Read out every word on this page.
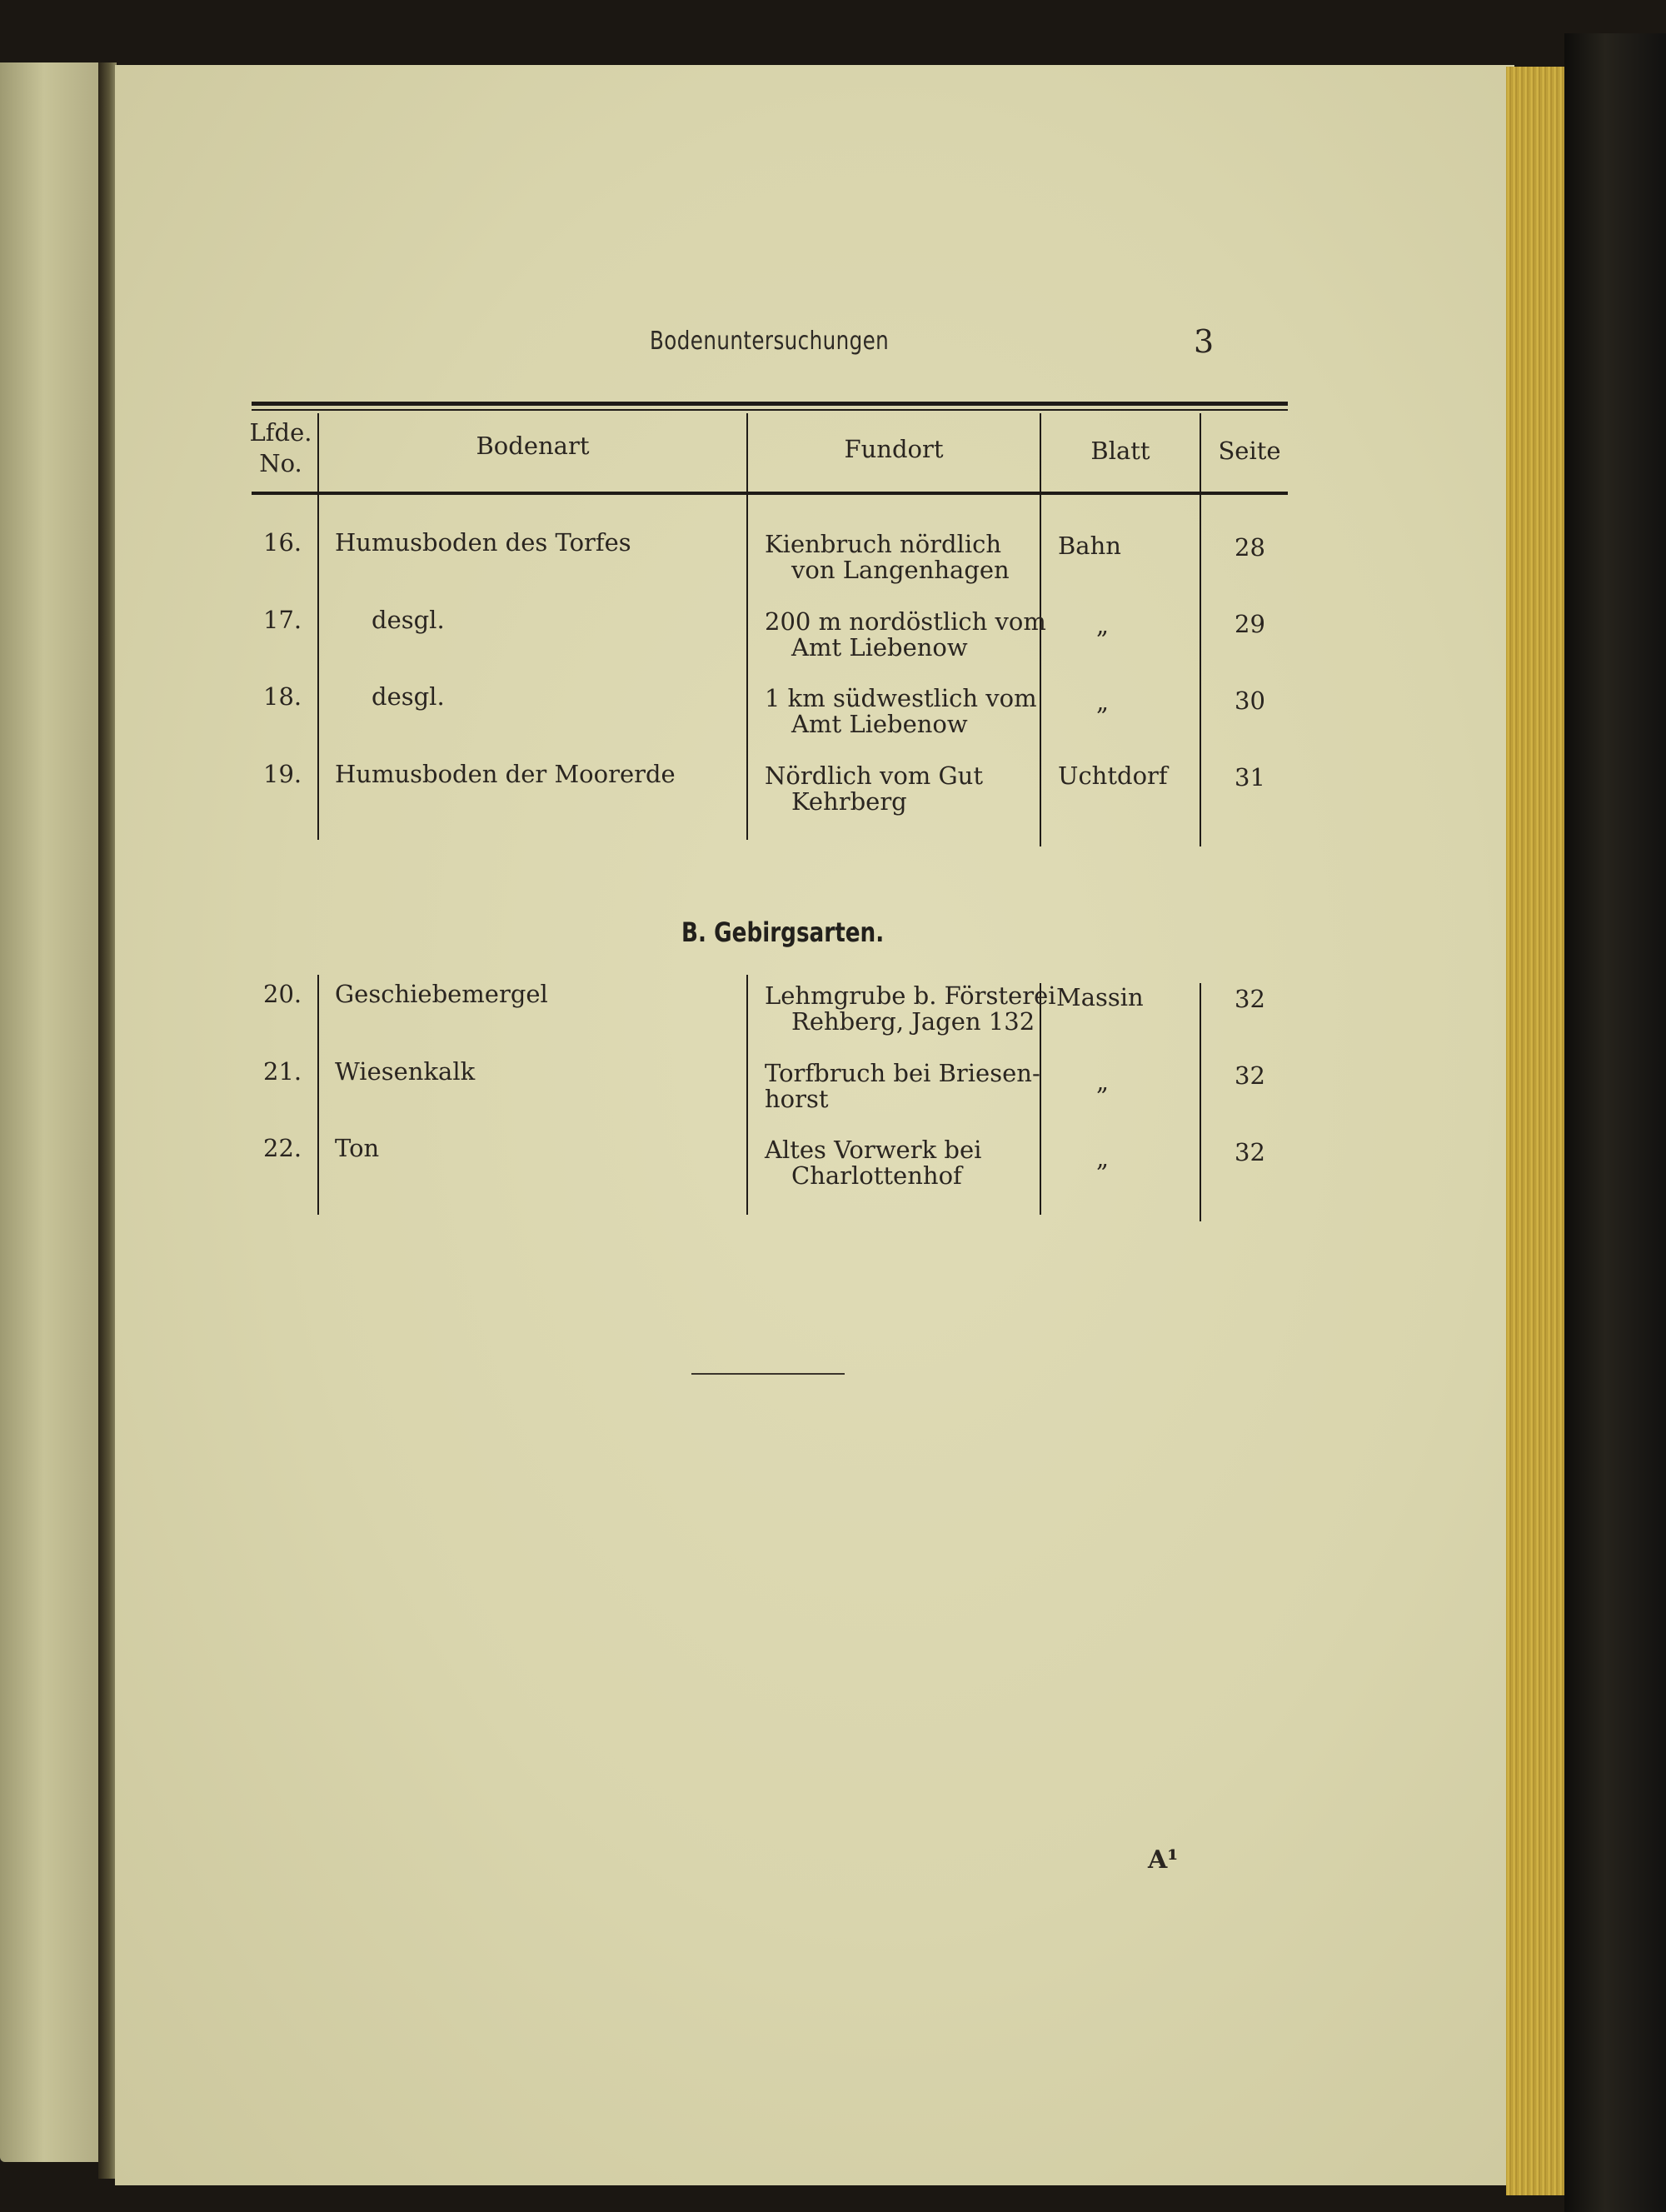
Bodenuntersuchungen	3
Lfde.
No.
Bodenart	Fundort	Blatt	Seite
16. Humusboden des Torfes	Kienbruch nördlich
von Langenhagen
Bahn	28
17.	desgl.	200 m nordöstlich vom
Amt Liebenow
„	29
18.	desgl.	1 km südwestlich vom
Amt Liebenow
„	30
19. Humusboden der Moorerde	Nördlich vom Gut
Kehrberg
Uchtdorf	31
B. Gebirgsarten.
20. Geschiebemergel	Lehmgrube b. Försterei
Rehberg, Jagen 132
Massin	32
21. Wiesenkalk	Torfbruch bei Briesen-
horst
„	32
22. Ton	Altes Vorwerk bei
Charlottenhof
„	32
A¹
